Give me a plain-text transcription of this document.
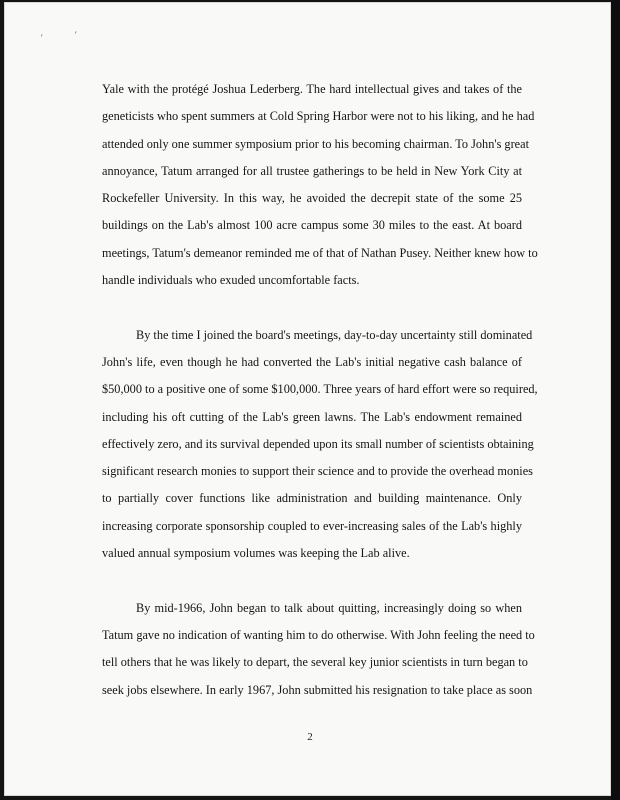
'	'

Yale with the protégé Joshua Lederberg. The hard intellectual gives and takes of the
geneticists who spent summers at Cold Spring Harbor were not to his liking, and he had
attended only one summer symposium prior to his becoming chairman. To John's great
annoyance, Tatum arranged for all trustee gatherings to be held in New York City at
Rockefeller University. In this way, he avoided the decrepit state of the some 25
buildings on the Lab's almost 100 acre campus some 30 miles to the east. At board
meetings, Tatum's demeanor reminded me of that of Nathan Pusey. Neither knew how to
handle individuals who exuded uncomfortable facts.

By the time I joined the board's meetings, day-to-day uncertainty still dominated
John's life, even though he had converted the Lab's initial negative cash balance of
$50,000 to a positive one of some $100,000. Three years of hard effort were so required,
including his oft cutting of the Lab's green lawns. The Lab's endowment remained
effectively zero, and its survival depended upon its small number of scientists obtaining
significant research monies to support their science and to provide the overhead monies
to partially cover functions like administration and building maintenance. Only
increasing corporate sponsorship coupled to ever-increasing sales of the Lab's highly
valued annual symposium volumes was keeping the Lab alive.

By mid-1966, John began to talk about quitting, increasingly doing so when
Tatum gave no indication of wanting him to do otherwise. With John feeling the need to
tell others that he was likely to depart, the several key junior scientists in turn began to
seek jobs elsewhere. In early 1967, John submitted his resignation to take place as soon

2
